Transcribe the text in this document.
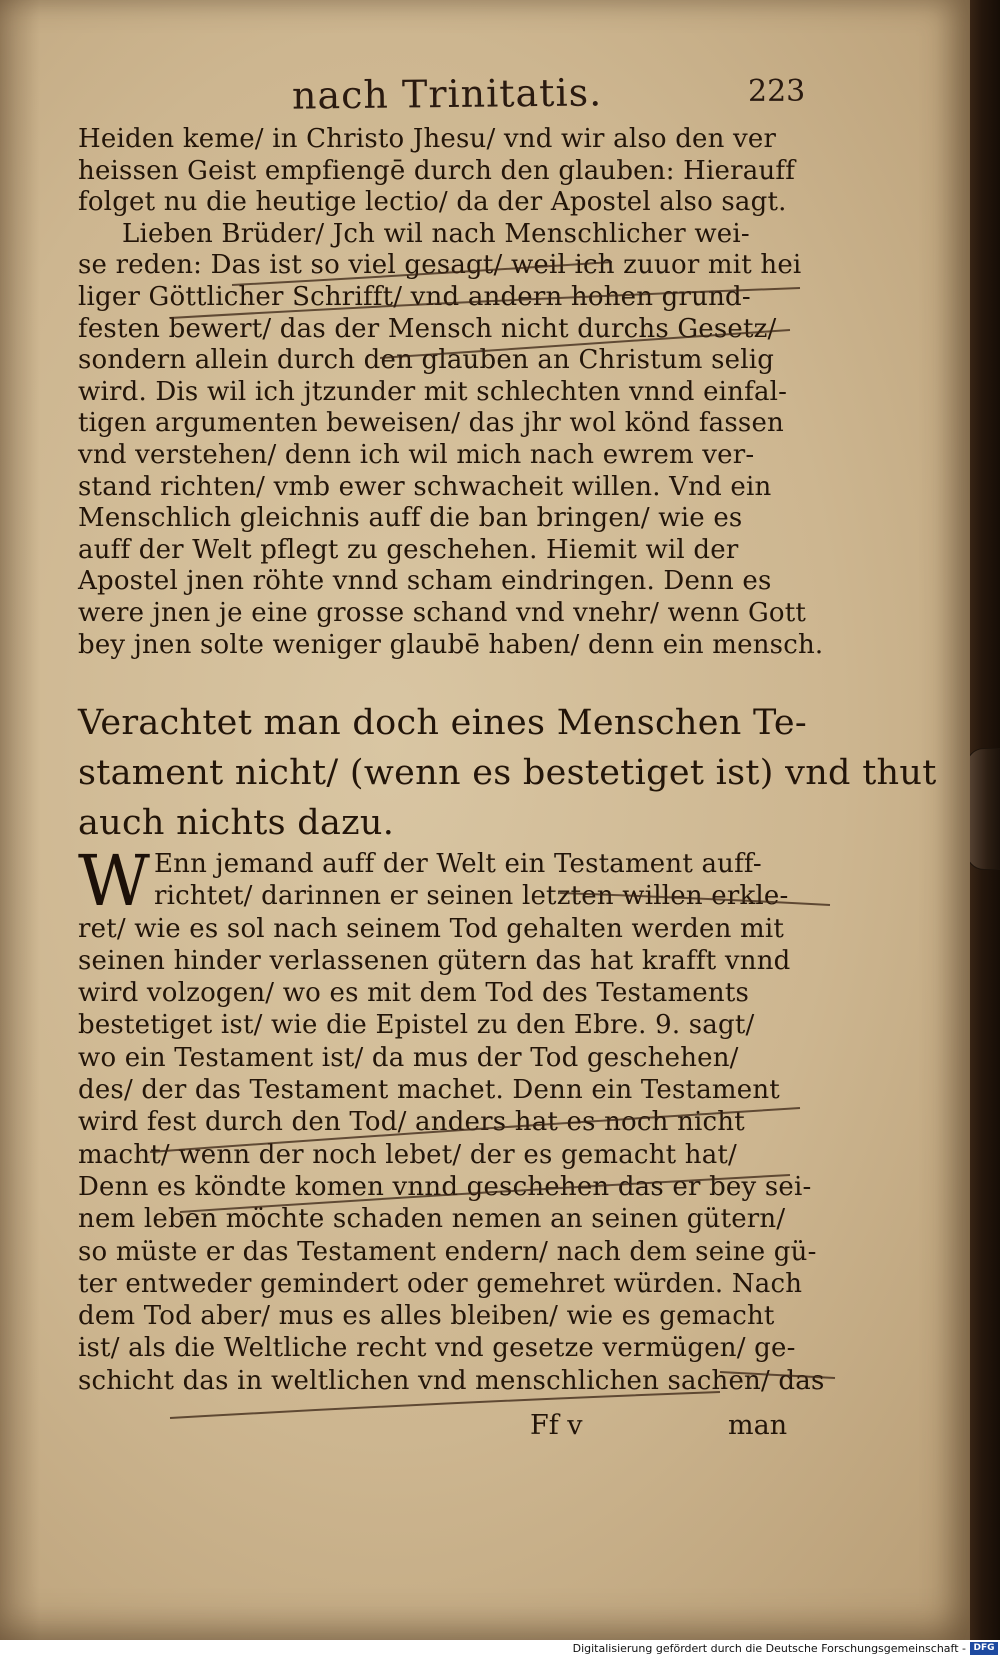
nach Trinitatis.	223
Heiden keme/ in Christo Jhesu/ vnd wir also den ver
heissen Geist empfiengē durch den glauben: Hierauff
folget nu die heutige lectio/ da der Apostel also sagt.
Lieben Brüder/ Jch wil nach Menschlicher wei-
se reden: Das ist so viel gesagt/ weil ich zuuor mit hei
liger Göttlicher Schrifft/ vnd andern hohen grund-
festen bewert/ das der Mensch nicht durchs Gesetz/
sondern allein durch den glauben an Christum selig
wird. Dis wil ich jtzunder mit schlechten vnnd einfal-
tigen argumenten beweisen/ das jhr wol könd fassen
vnd verstehen/ denn ich wil mich nach ewrem ver-
stand richten/ vmb ewer schwacheit willen. Vnd ein
Menschlich gleichnis auff die ban bringen/ wie es
auff der Welt pflegt zu geschehen. Hiemit wil der
Apostel jnen röhte vnnd scham eindringen. Denn es
were jnen je eine grosse schand vnd vnehr/ wenn Gott
bey jnen solte weniger glaubē haben/ denn ein mensch.
Verachtet man doch eines Menschen Te-
stament nicht/ (wenn es bestetiget ist) vnd thut
auch nichts dazu.
W Enn jemand auff der Welt ein Testament auff-
richtet/ darinnen er seinen letzten willen erkle-
ret/ wie es sol nach seinem Tod gehalten werden mit
seinen hinder verlassenen gütern das hat krafft vnnd
wird volzogen/ wo es mit dem Tod des Testaments
bestetiget ist/ wie die Epistel zu den Ebre. 9. sagt/
wo ein Testament ist/ da mus der Tod geschehen/
des/ der das Testament machet. Denn ein Testament
wird fest durch den Tod/ anders hat es noch nicht
macht/ wenn der noch lebet/ der es gemacht hat/
Denn es köndte komen vnnd geschehen das er bey sei-
nem leben möchte schaden nemen an seinen gütern/
so müste er das Testament endern/ nach dem seine gü-
ter entweder gemindert oder gemehret würden. Nach
dem Tod aber/ mus es alles bleiben/ wie es gemacht
ist/ als die Weltliche recht vnd gesetze vermügen/ ge-
schicht das in weltlichen vnd menschlichen sachen/ das
Ff v	man
Digitalisierung gefördert durch die Deutsche Forschungsgemeinschaft - DFG
